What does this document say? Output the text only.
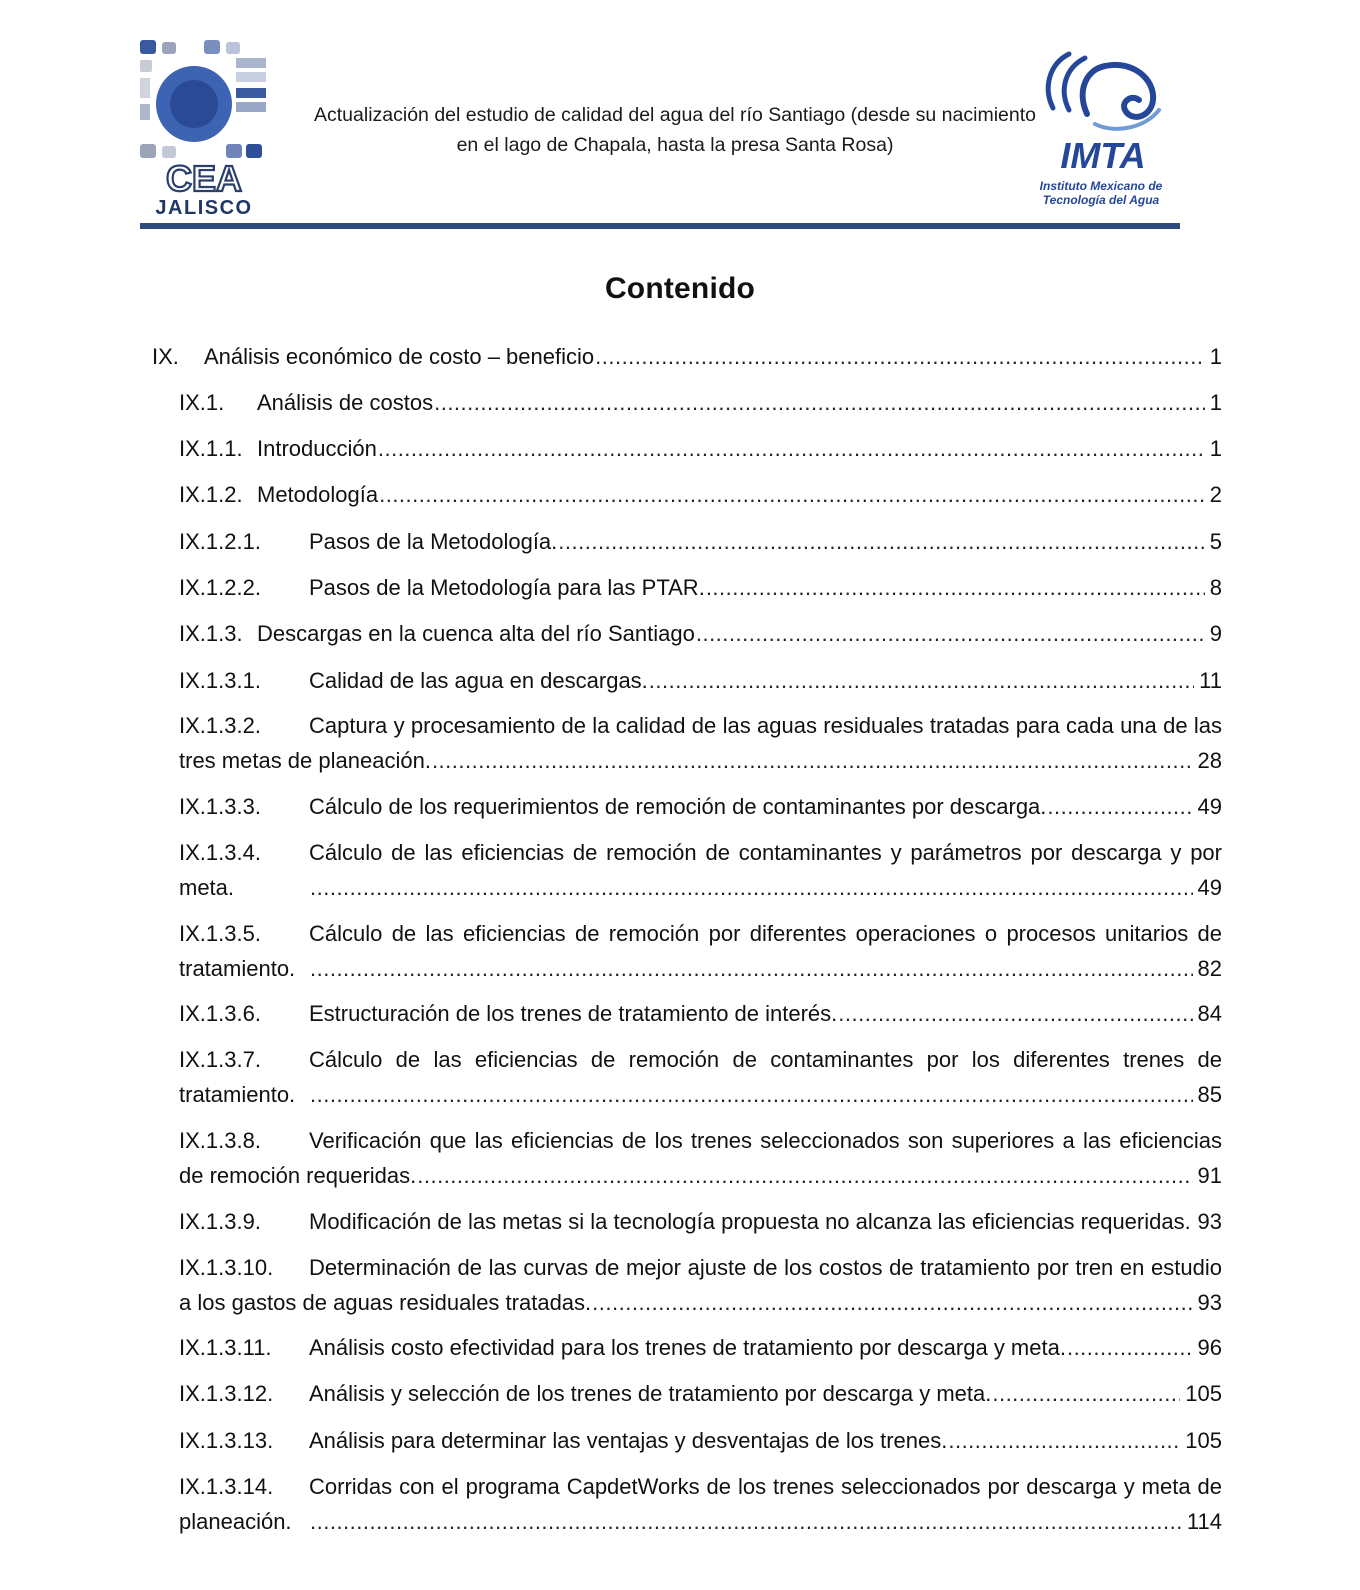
CEA
JALISCO
Actualización del estudio de calidad del agua del río Santiago (desde su nacimiento
en el lago de Chapala, hasta la presa Santa Rosa)	IMTA
Instituto Mexicano de
Tecnología del Agua
Contenido
IX.	Análisis económico de costo – beneficio .....	1
IX.1.	Análisis de costos .....	1
IX.1.1. Introducción .....	1
IX.1.2. Metodología .....	2
IX.1.2.1.	Pasos de la Metodología. .....	5
IX.1.2.2.	Pasos de la Metodología para las PTAR. .....	8
IX.1.3. Descargas en la cuenca alta del río Santiago .....	9
IX.1.3.1.	Calidad de las agua en descargas. .....	11
IX.1.3.2. Captura y procesamiento de la calidad de las aguas residuales tratadas para cada una de las
tres metas de planeación. .....	28
IX.1.3.3.	Cálculo de los requerimientos de remoción de contaminantes por descarga. .....	49
IX.1.3.4. Cálculo de las eficiencias de remoción de contaminantes y parámetros por descarga y por
meta. .....	49
IX.1.3.5. Cálculo de las eficiencias de remoción por diferentes operaciones o procesos unitarios de
tratamiento. .....	82
IX.1.3.6.	Estructuración de los trenes de tratamiento de interés. .....	84
IX.1.3.7. Cálculo de las eficiencias de remoción de contaminantes por los diferentes trenes de
tratamiento. .....	85
IX.1.3.8. Verificación que las eficiencias de los trenes seleccionados son superiores a las eficiencias
de remoción requeridas. .....	91
IX.1.3.9.	Modificación de las metas si la tecnología propuesta no alcanza las eficiencias requeridas. ..... 93
IX.1.3.10. Determinación de las curvas de mejor ajuste de los costos de tratamiento por tren en estudio
a los gastos de aguas residuales tratadas. .....	93
IX.1.3.11.	Análisis costo efectividad para los trenes de tratamiento por descarga y meta. .....	96
IX.1.3.12.	Análisis y selección de los trenes de tratamiento por descarga y meta. .....	105
IX.1.3.13.	Análisis para determinar las ventajas y desventajas de los trenes. .....	105
IX.1.3.14. Corridas con el programa CapdetWorks de los trenes seleccionados por descarga y meta de
planeación. .....	114
